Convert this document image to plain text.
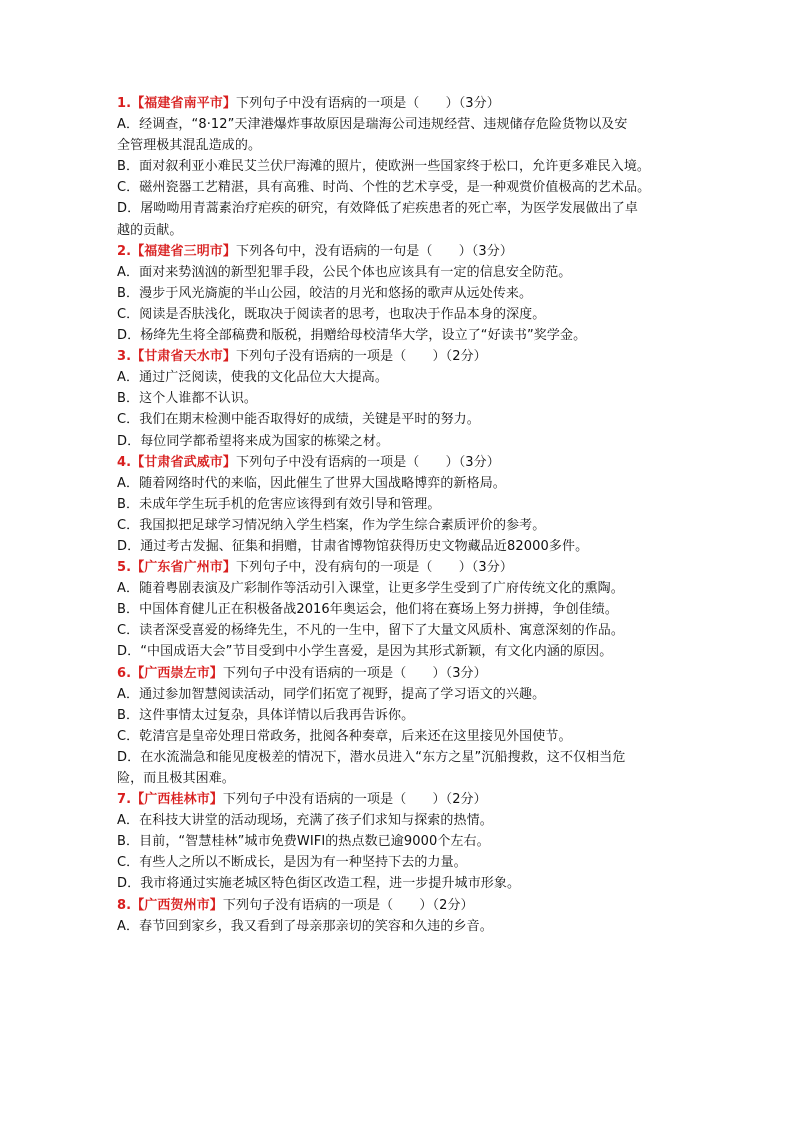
1.【福建省南平市】下列句子中没有语病的一项是（　　）（3分）
A．经调查，“8·12”天津港爆炸事故原因是瑞海公司违规经营、违规储存危险货物以及安
全管理极其混乱造成的。
B．面对叙利亚小难民艾兰伏尸海滩的照片，使欧洲一些国家终于松口，允许更多难民入境。
C．磁州瓷器工艺精湛，具有高雅、时尚、个性的艺术享受，是一种观赏价值极高的艺术品。
D．屠呦呦用青蒿素治疗疟疾的研究，有效降低了疟疾患者的死亡率，为医学发展做出了卓
越的贡献。
2.【福建省三明市】下列各句中，没有语病的一句是（　　）（3分）
A．面对来势汹汹的新型犯罪手段，公民个体也应该具有一定的信息安全防范。
B．漫步于风光旖旎的半山公园，皎洁的月光和悠扬的歌声从远处传来。
C．阅读是否肤浅化，既取决于阅读者的思考，也取决于作品本身的深度。
D．杨绛先生将全部稿费和版税，捐赠给母校清华大学，设立了“好读书”奖学金。
3.【甘肃省天水市】下列句子没有语病的一项是（　　）（2分）
A．通过广泛阅读，使我的文化品位大大提高。
B．这个人谁都不认识。
C．我们在期末检测中能否取得好的成绩，关键是平时的努力。
D．每位同学都希望将来成为国家的栋梁之材。
4.【甘肃省武威市】下列句子中没有语病的一项是（　　）（3分）
A．随着网络时代的来临，因此催生了世界大国战略博弈的新格局。
B．未成年学生玩手机的危害应该得到有效引导和管理。
C．我国拟把足球学习情况纳入学生档案，作为学生综合素质评价的参考。
D．通过考古发掘、征集和捐赠，甘肃省博物馆获得历史文物藏品近82000多件。
5.【广东省广州市】下列句子中，没有病句的一项是（　　）（3分）
A．随着粤剧表演及广彩制作等活动引入课堂，让更多学生受到了广府传统文化的熏陶。
B．中国体育健儿正在积极备战2016年奥运会，他们将在赛场上努力拼搏，争创佳绩。
C．读者深受喜爱的杨绛先生，不凡的一生中，留下了大量文风质朴、寓意深刻的作品。
D．“中国成语大会”节目受到中小学生喜爱，是因为其形式新颖，有文化内涵的原因。
6.【广西崇左市】下列句子中没有语病的一项是（　　）（3分）
A．通过参加智慧阅读活动，同学们拓宽了视野，提高了学习语文的兴趣。
B．这件事情太过复杂，具体详情以后我再告诉你。
C．乾清宫是皇帝处理日常政务，批阅各种奏章，后来还在这里接见外国使节。
D．在水流湍急和能见度极差的情况下，潜水员进入“东方之星”沉船搜救，这不仅相当危
险，而且极其困难。
7.【广西桂林市】下列句子中没有语病的一项是（　　）（2分）
A．在科技大讲堂的活动现场，充满了孩子们求知与探索的热情。
B．目前，“智慧桂林”城市免费WIFI的热点数已逾9000个左右。
C．有些人之所以不断成长，是因为有一种坚持下去的力量。
D．我市将通过实施老城区特色街区改造工程，进一步提升城市形象。
8.【广西贺州市】下列句子没有语病的一项是（　　）（2分）
A．春节回到家乡，我又看到了母亲那亲切的笑容和久违的乡音。
